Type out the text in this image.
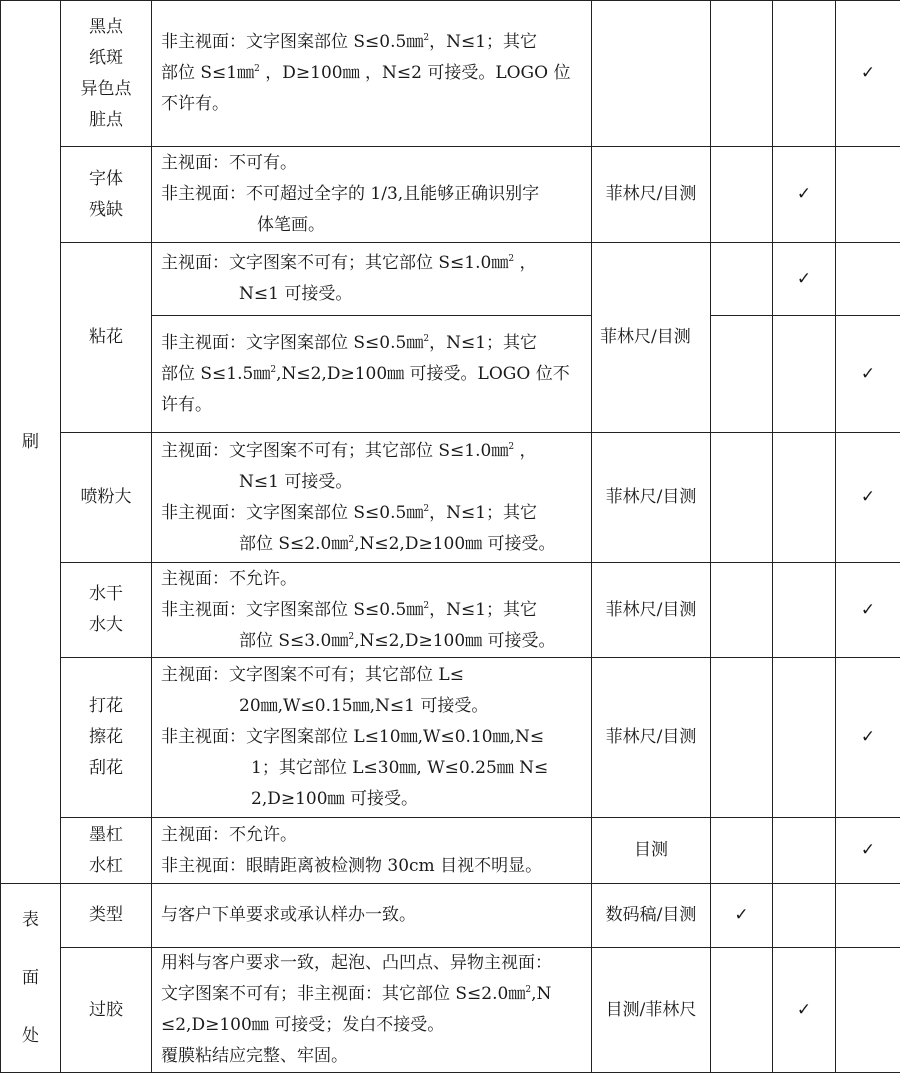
刷	黑点
纸斑
异色点
脏点	非主视面：文字图案部位 S≤0.5㎜$^2$，N≤1；其它
部位 S≤1㎜$^2$ ，D≥100㎜ ，N≤2 可接受。LOGO 位
不许有。				✓

	字体
残缺	主视面：不可有。
非主视面：不可超过全字的 1/3,且能够正确识别字
体笔画。	菲林尺/目测		✓	

	粘花	主视面：文字图案不可有；其它部位 S≤1.0㎜$^2$ ，
N≤1 可接受。	菲林尺/目测		✓	

		非主视面：文字图案部位 S≤0.5㎜$^2$，N≤1；其它
部位 S≤1.5㎜$^2$,N≤2,D≥100㎜ 可接受。LOGO 位不
许有。				✓

	喷粉大	主视面：文字图案不可有；其它部位 S≤1.0㎜$^2$ ，
N≤1 可接受。
非主视面：文字图案部位 S≤0.5㎜$^2$，N≤1；其它
部位 S≤2.0㎜$^2$,N≤2,D≥100㎜ 可接受。	菲林尺/目测			✓

	水干
水大	主视面：不允许。
非主视面：文字图案部位 S≤0.5㎜$^2$，N≤1；其它
部位 S≤3.0㎜$^2$,N≤2,D≥100㎜ 可接受。	菲林尺/目测			✓

	打花
擦花
刮花	主视面：文字图案不可有；其它部位 L≤
20㎜,W≤0.15㎜,N≤1 可接受。
非主视面：文字图案部位 L≤10㎜,W≤0.10㎜,N≤
1；其它部位 L≤30㎜, W≤0.25㎜ N≤
2,D≥100㎜ 可接受。	菲林尺/目测			✓

	墨杠
水杠	主视面：不允许。
非主视面：眼睛距离被检测物 30cm 目视不明显。	目测			✓

表
面
处	类型	与客户下单要求或承认样办一致。	数码稿/目测	✓		

	过胶	用料与客户要求一致，起泡、凸凹点、异物主视面：
文字图案不可有；非主视面：其它部位 S≤2.0㎜$^2$,N
≤2,D≥100㎜ 可接受；发白不接受。
覆膜粘结应完整、牢固。	目测/菲林尺		✓	
